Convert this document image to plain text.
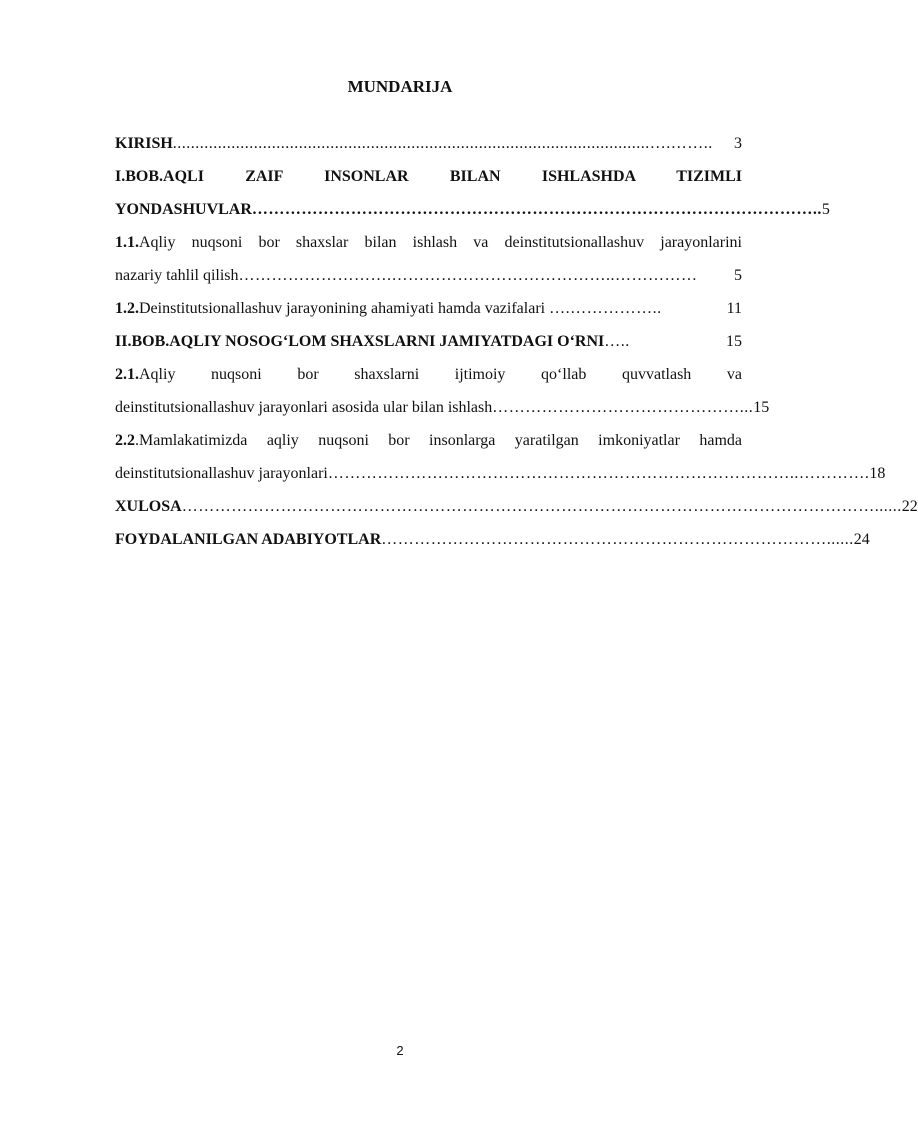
MUNDARIJA
KIRISH ..........................................................................................................….……..	3
I.BOB.AQLI ZAIF INSONLAR BILAN ISHLASHDA TIZIMLI
YONDASHUVLAR ………………………………………………………………………………………….. 5
1.1.Aqliy nuqsoni bor shaxslar bilan ishlash va deinstitutsionallashuv jarayonlarini
nazariy tahlil qilish ……………………….…………………………………..……………	5
1.2. Deinstitutsionallashuv jarayonining ahamiyati hamda vazifalari ….……………..	11
II.BOB.AQLIY NOSOG‘LOM SHAXSLARNI JAMIYATDAGI O‘RNI …..	15
2.1.Aqliy nuqsoni bor shaxslarni ijtimoiy qo‘llab quvvatlash va
deinstitutsionallashuv jarayonlari asosida ular bilan ishlash ………………………………………... 15
2.2.Mamlakatimizda aqliy nuqsoni bor insonlarga yaratilgan imkoniyatlar hamda
deinstitutsionallashuv jarayonlari …………………………………………………………………………..…………. 18
XULOSA ………………………………………………………………………………………………………………...... 22
FOYDALANILGAN ADABIYOTLAR ………………………………………………………………………...... 24
2
